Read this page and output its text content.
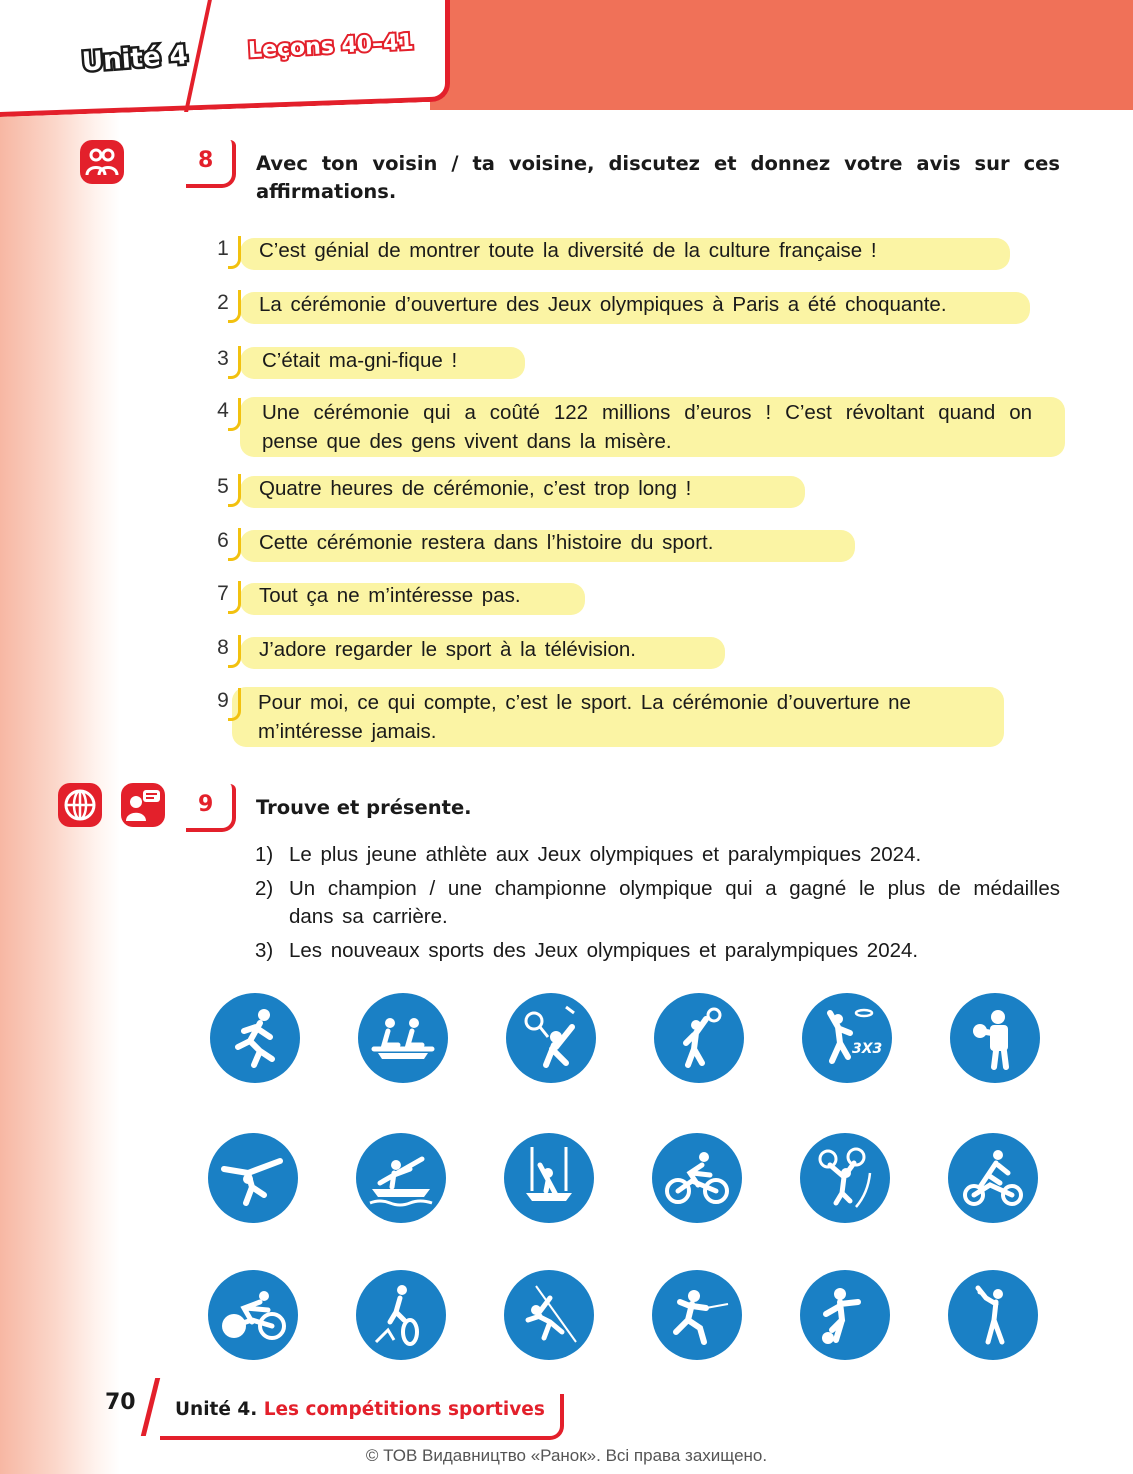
Unité 4	Leçons 40–41
8 Avec ton voisin / ta voisine, discutez et donnez votre avis sur ces affirmations.
1	C’est génial de montrer toute la diversité de la culture française !
2	La cérémonie d’ouverture des Jeux olympiques à Paris a été choquante.
3	C’était ma-gni-fique !
4	Une cérémonie qui a coûté 122 millions d’euros ! C’est révoltant quand on pense que des gens vivent dans la misère.
5	Quatre heures de cérémonie, c’est trop long !
6	Cette cérémonie restera dans l’histoire du sport.
7	Tout ça ne m’intéresse pas.
8	J’adore regarder le sport à la télévision.
9	Pour moi, ce qui compte, c’est le sport. La cérémonie d’ouverture ne m’intéresse jamais.
9 Trouve et présente.
1) Le plus jeune athlète aux Jeux olympiques et paralympiques 2024.
2) Un champion / une championne olympique qui a gagné le plus de médailles dans sa carrière.
3) Les nouveaux sports des Jeux olympiques et paralympiques 2024.
3X3
70 Unité 4. Les compétitions sportives
© ТОВ Видавництво «Ранок». Всі права захищено.
